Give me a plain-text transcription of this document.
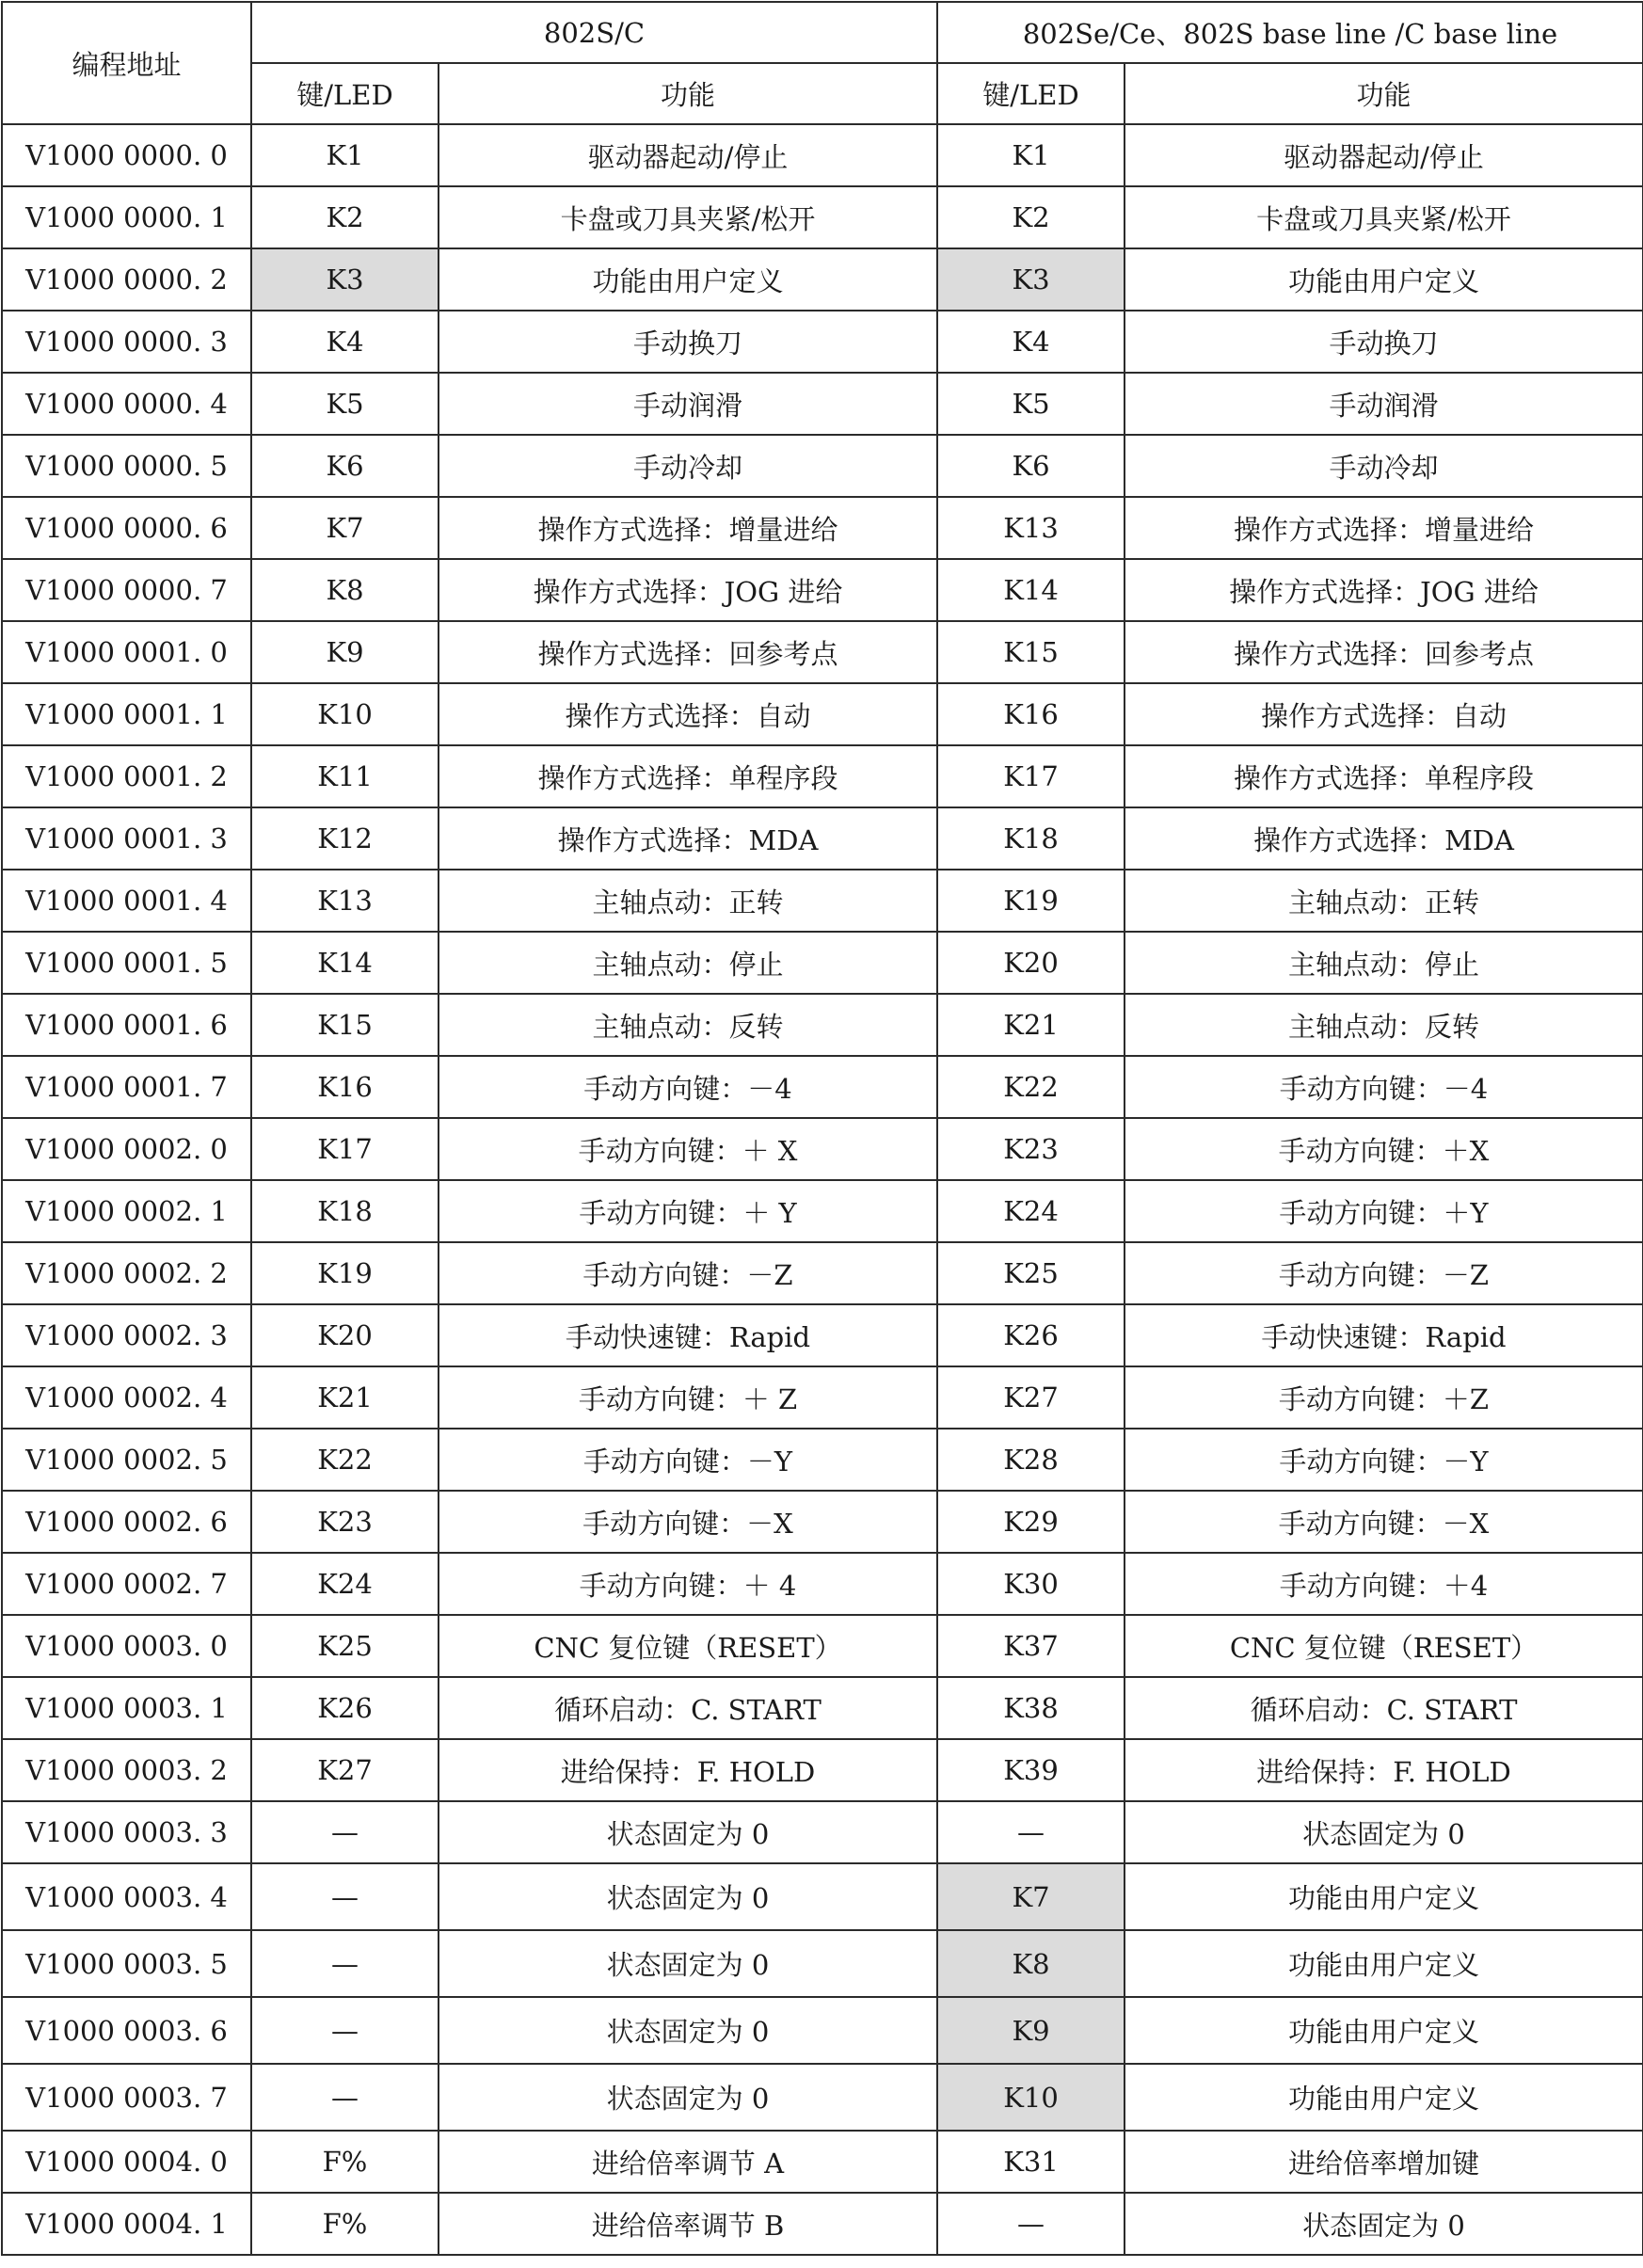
编程地址	802S/C		802Se/Ce、802S base line /C base line	
	键/LED	功能	键/LED	功能
V1000 0000. 0	K1	驱动器起动/停止	K1	驱动器起动/停止
V1000 0000. 1	K2	卡盘或刀具夹紧/松开	K2	卡盘或刀具夹紧/松开
V1000 0000. 2	K3	功能由用户定义	K3	功能由用户定义
V1000 0000. 3	K4	手动换刀	K4	手动换刀
V1000 0000. 4	K5	手动润滑	K5	手动润滑
V1000 0000. 5	K6	手动冷却	K6	手动冷却
V1000 0000. 6	K7	操作方式选择：增量进给	K13	操作方式选择：增量进给
V1000 0000. 7	K8	操作方式选择：JOG 进给	K14	操作方式选择：JOG 进给
V1000 0001. 0	K9	操作方式选择：回参考点	K15	操作方式选择：回参考点
V1000 0001. 1	K10	操作方式选择：自动	K16	操作方式选择：自动
V1000 0001. 2	K11	操作方式选择：单程序段	K17	操作方式选择：单程序段
V1000 0001. 3	K12	操作方式选择：MDA	K18	操作方式选择：MDA
V1000 0001. 4	K13	主轴点动：正转	K19	主轴点动：正转
V1000 0001. 5	K14	主轴点动：停止	K20	主轴点动：停止
V1000 0001. 6	K15	主轴点动：反转	K21	主轴点动：反转
V1000 0001. 7	K16	手动方向键：－4	K22	手动方向键：－4
V1000 0002. 0	K17	手动方向键：＋ X	K23	手动方向键：＋X
V1000 0002. 1	K18	手动方向键：＋ Y	K24	手动方向键：＋Y
V1000 0002. 2	K19	手动方向键：－Z	K25	手动方向键：－Z
V1000 0002. 3	K20	手动快速键：Rapid	K26	手动快速键：Rapid
V1000 0002. 4	K21	手动方向键：＋ Z	K27	手动方向键：＋Z
V1000 0002. 5	K22	手动方向键：－Y	K28	手动方向键：－Y
V1000 0002. 6	K23	手动方向键：－X	K29	手动方向键：－X
V1000 0002. 7	K24	手动方向键：＋ 4	K30	手动方向键：＋4
V1000 0003. 0	K25	CNC 复位键（RESET）	K37	CNC 复位键（RESET）
V1000 0003. 1	K26	循环启动：C. START	K38	循环启动：C. START
V1000 0003. 2	K27	进给保持：F. HOLD	K39	进给保持：F. HOLD
V1000 0003. 3	—	状态固定为 0	—	状态固定为 0
V1000 0003. 4	—	状态固定为 0	K7	功能由用户定义
V1000 0003. 5	—	状态固定为 0	K8	功能由用户定义
V1000 0003. 6	—	状态固定为 0	K9	功能由用户定义
V1000 0003. 7	—	状态固定为 0	K10	功能由用户定义
V1000 0004. 0	F%	进给倍率调节 A	K31	进给倍率增加键
V1000 0004. 1	F%	进给倍率调节 B	—	状态固定为 0
